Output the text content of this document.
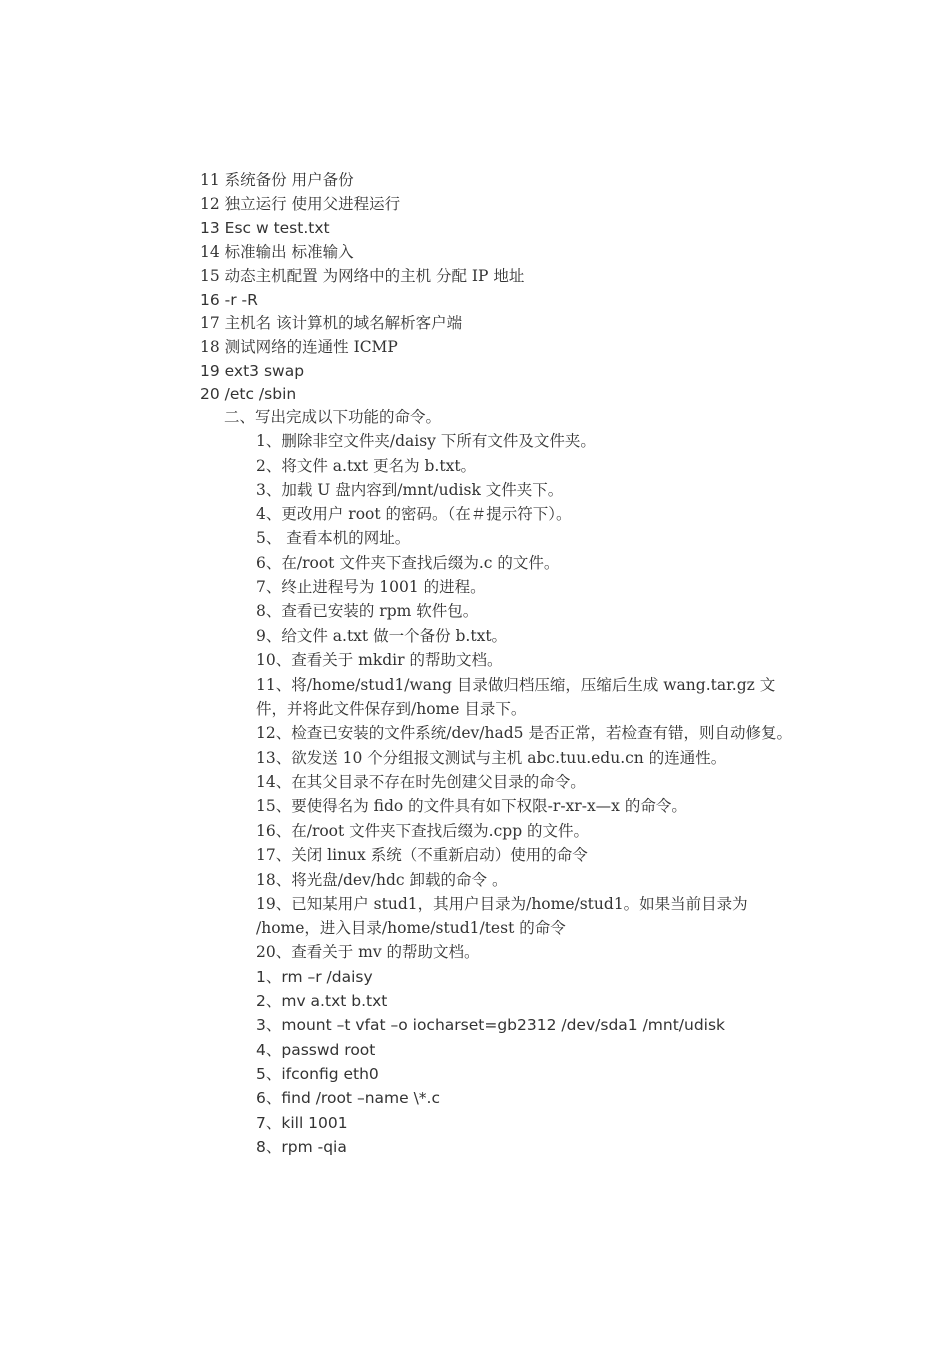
11 系统备份 用户备份
12 独立运行 使用父进程运行
13 Esc w test.txt
14 标准输出 标准输入
15 动态主机配置 为网络中的主机 分配 IP 地址
16 -r -R
17 主机名 该计算机的域名解析客户端
18 测试网络的连通性 ICMP
19 ext3 swap
20 /etc /sbin
二、写出完成以下功能的命令。
1、删除非空文件夹/daisy 下所有文件及文件夹。
2、将文件 a.txt 更名为 b.txt。
3、加载 U 盘内容到/mnt/udisk 文件夹下。
4、更改用户 root 的密码。（在＃提示符下）。
5、 查看本机的网址。
6、在/root 文件夹下查找后缀为.c 的文件。
7、终止进程号为 1001 的进程。
8、查看已安装的 rpm 软件包。
9、给文件 a.txt 做一个备份 b.txt。
10、查看关于 mkdir 的帮助文档。
11、将/home/stud1/wang 目录做归档压缩，压缩后生成 wang.tar.gz 文
件，并将此文件保存到/home 目录下。
12、检查已安装的文件系统/dev/had5 是否正常，若检查有错，则自动修复。
13、欲发送 10 个分组报文测试与主机 abc.tuu.edu.cn 的连通性。
14、在其父目录不存在时先创建父目录的命令。
15、要使得名为 fido 的文件具有如下权限-r-xr-x—x 的命令。
16、在/root 文件夹下查找后缀为.cpp 的文件。
17、关闭 linux 系统（不重新启动）使用的命令
18、将光盘/dev/hdc 卸载的命令 。
19、已知某用户 stud1，其用户目录为/home/stud1。如果当前目录为
/home，进入目录/home/stud1/test 的命令
20、查看关于 mv 的帮助文档。
1、rm –r /daisy
2、mv a.txt b.txt
3、mount –t vfat –o iocharset=gb2312 /dev/sda1 /mnt/udisk
4、passwd root
5、ifconfig eth0
6、find /root –name \*.c
7、kill 1001
8、rpm -qia
